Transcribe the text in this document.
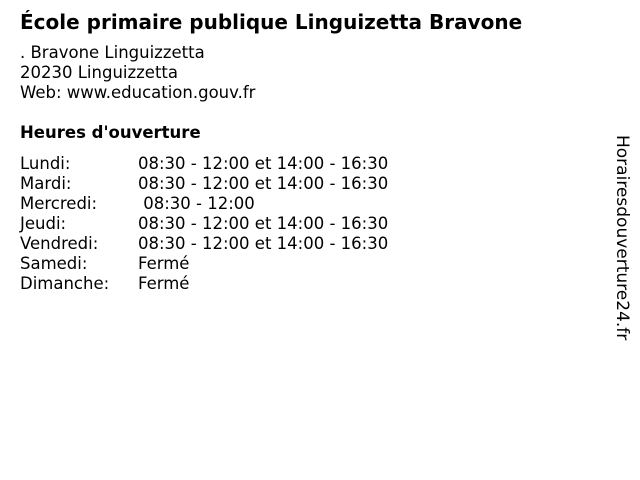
École primaire publique Linguizetta Bravone
. Bravone Linguizzetta
20230 Linguizzetta
Web: www.education.gouv.fr
Heures d'ouverture
Lundi:	08:30 - 12:00 et 14:00 - 16:30
Mardi:	08:30 - 12:00 et 14:00 - 16:30
Mercredi:	08:30 - 12:00
Jeudi:	08:30 - 12:00 et 14:00 - 16:30
Vendredi:	08:30 - 12:00 et 14:00 - 16:30
Samedi:	Fermé
Dimanche:	Fermé	Horairesdouverture24.fr
